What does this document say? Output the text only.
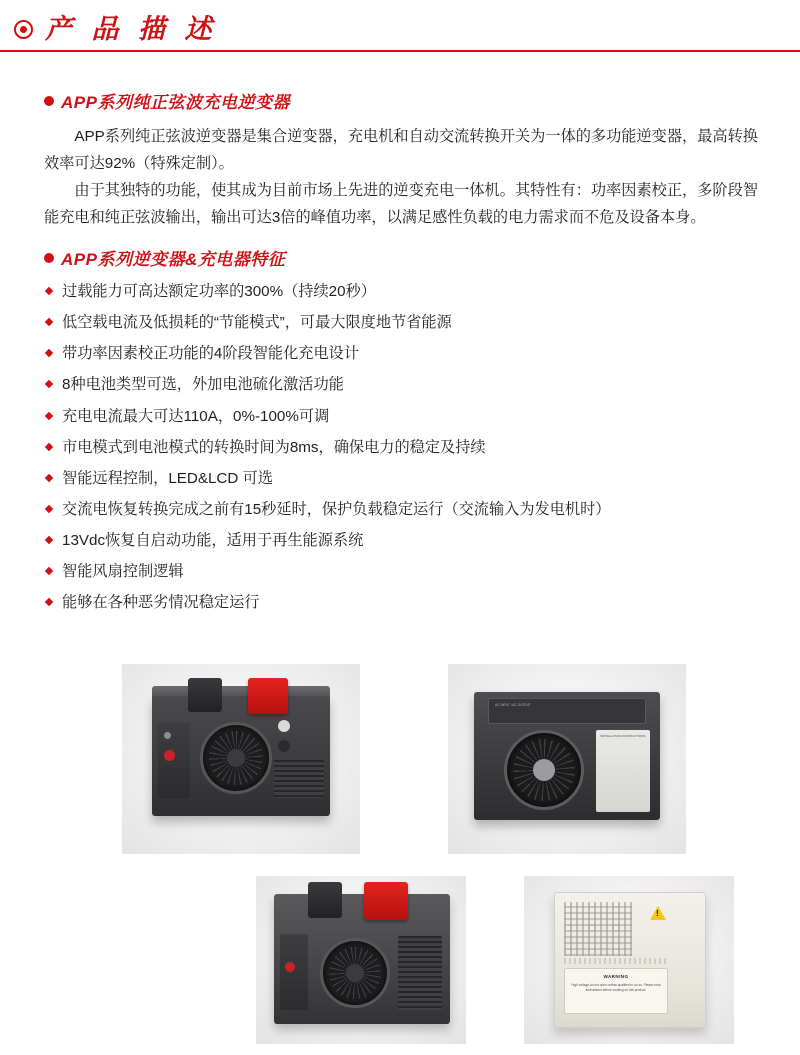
产 品 描 述
APP系列纯正弦波充电逆变器

APP系列纯正弦波逆变器是集合逆变器，充电机和自动交流转换开关为一体的多功能逆变器，最高转换效率可达92%（特殊定制）。

由于其独特的功能，使其成为目前市场上先进的逆变充电一体机。其特性有：功率因素校正，多阶段智能充电和纯正弦波输出，输出可达3倍的峰值功率，以满足感性负载的电力需求而不危及设备本身。

APP系列逆变器&充电器特征
过载能力可高达额定功率的300%（持续20秒）
低空载电流及低损耗的“节能模式”，可最大限度地节省能源
带功率因素校正功能的4阶段智能化充电设计
8种电池类型可选，外加电池硫化激活功能
充电电流最大可达110A，0%-100%可调
市电模式到电池模式的转换时间为8ms，确保电力的稳定及持续
智能远程控制，LED&LCD 可选
交流电恢复转换完成之前有15秒延时，保护负载稳定运行（交流输入为发电机时）
13Vdc恢复自启动功能，适用于再生能源系统
智能风扇控制逻辑
能够在各种恶劣情况稳定运行
AC INPUT / AC OUTPUT
INSTALLATION INSTRUCTIONS
!
WARNING
High voltage,do not open unless qualified to do so. Please read instructions before working on this product.
